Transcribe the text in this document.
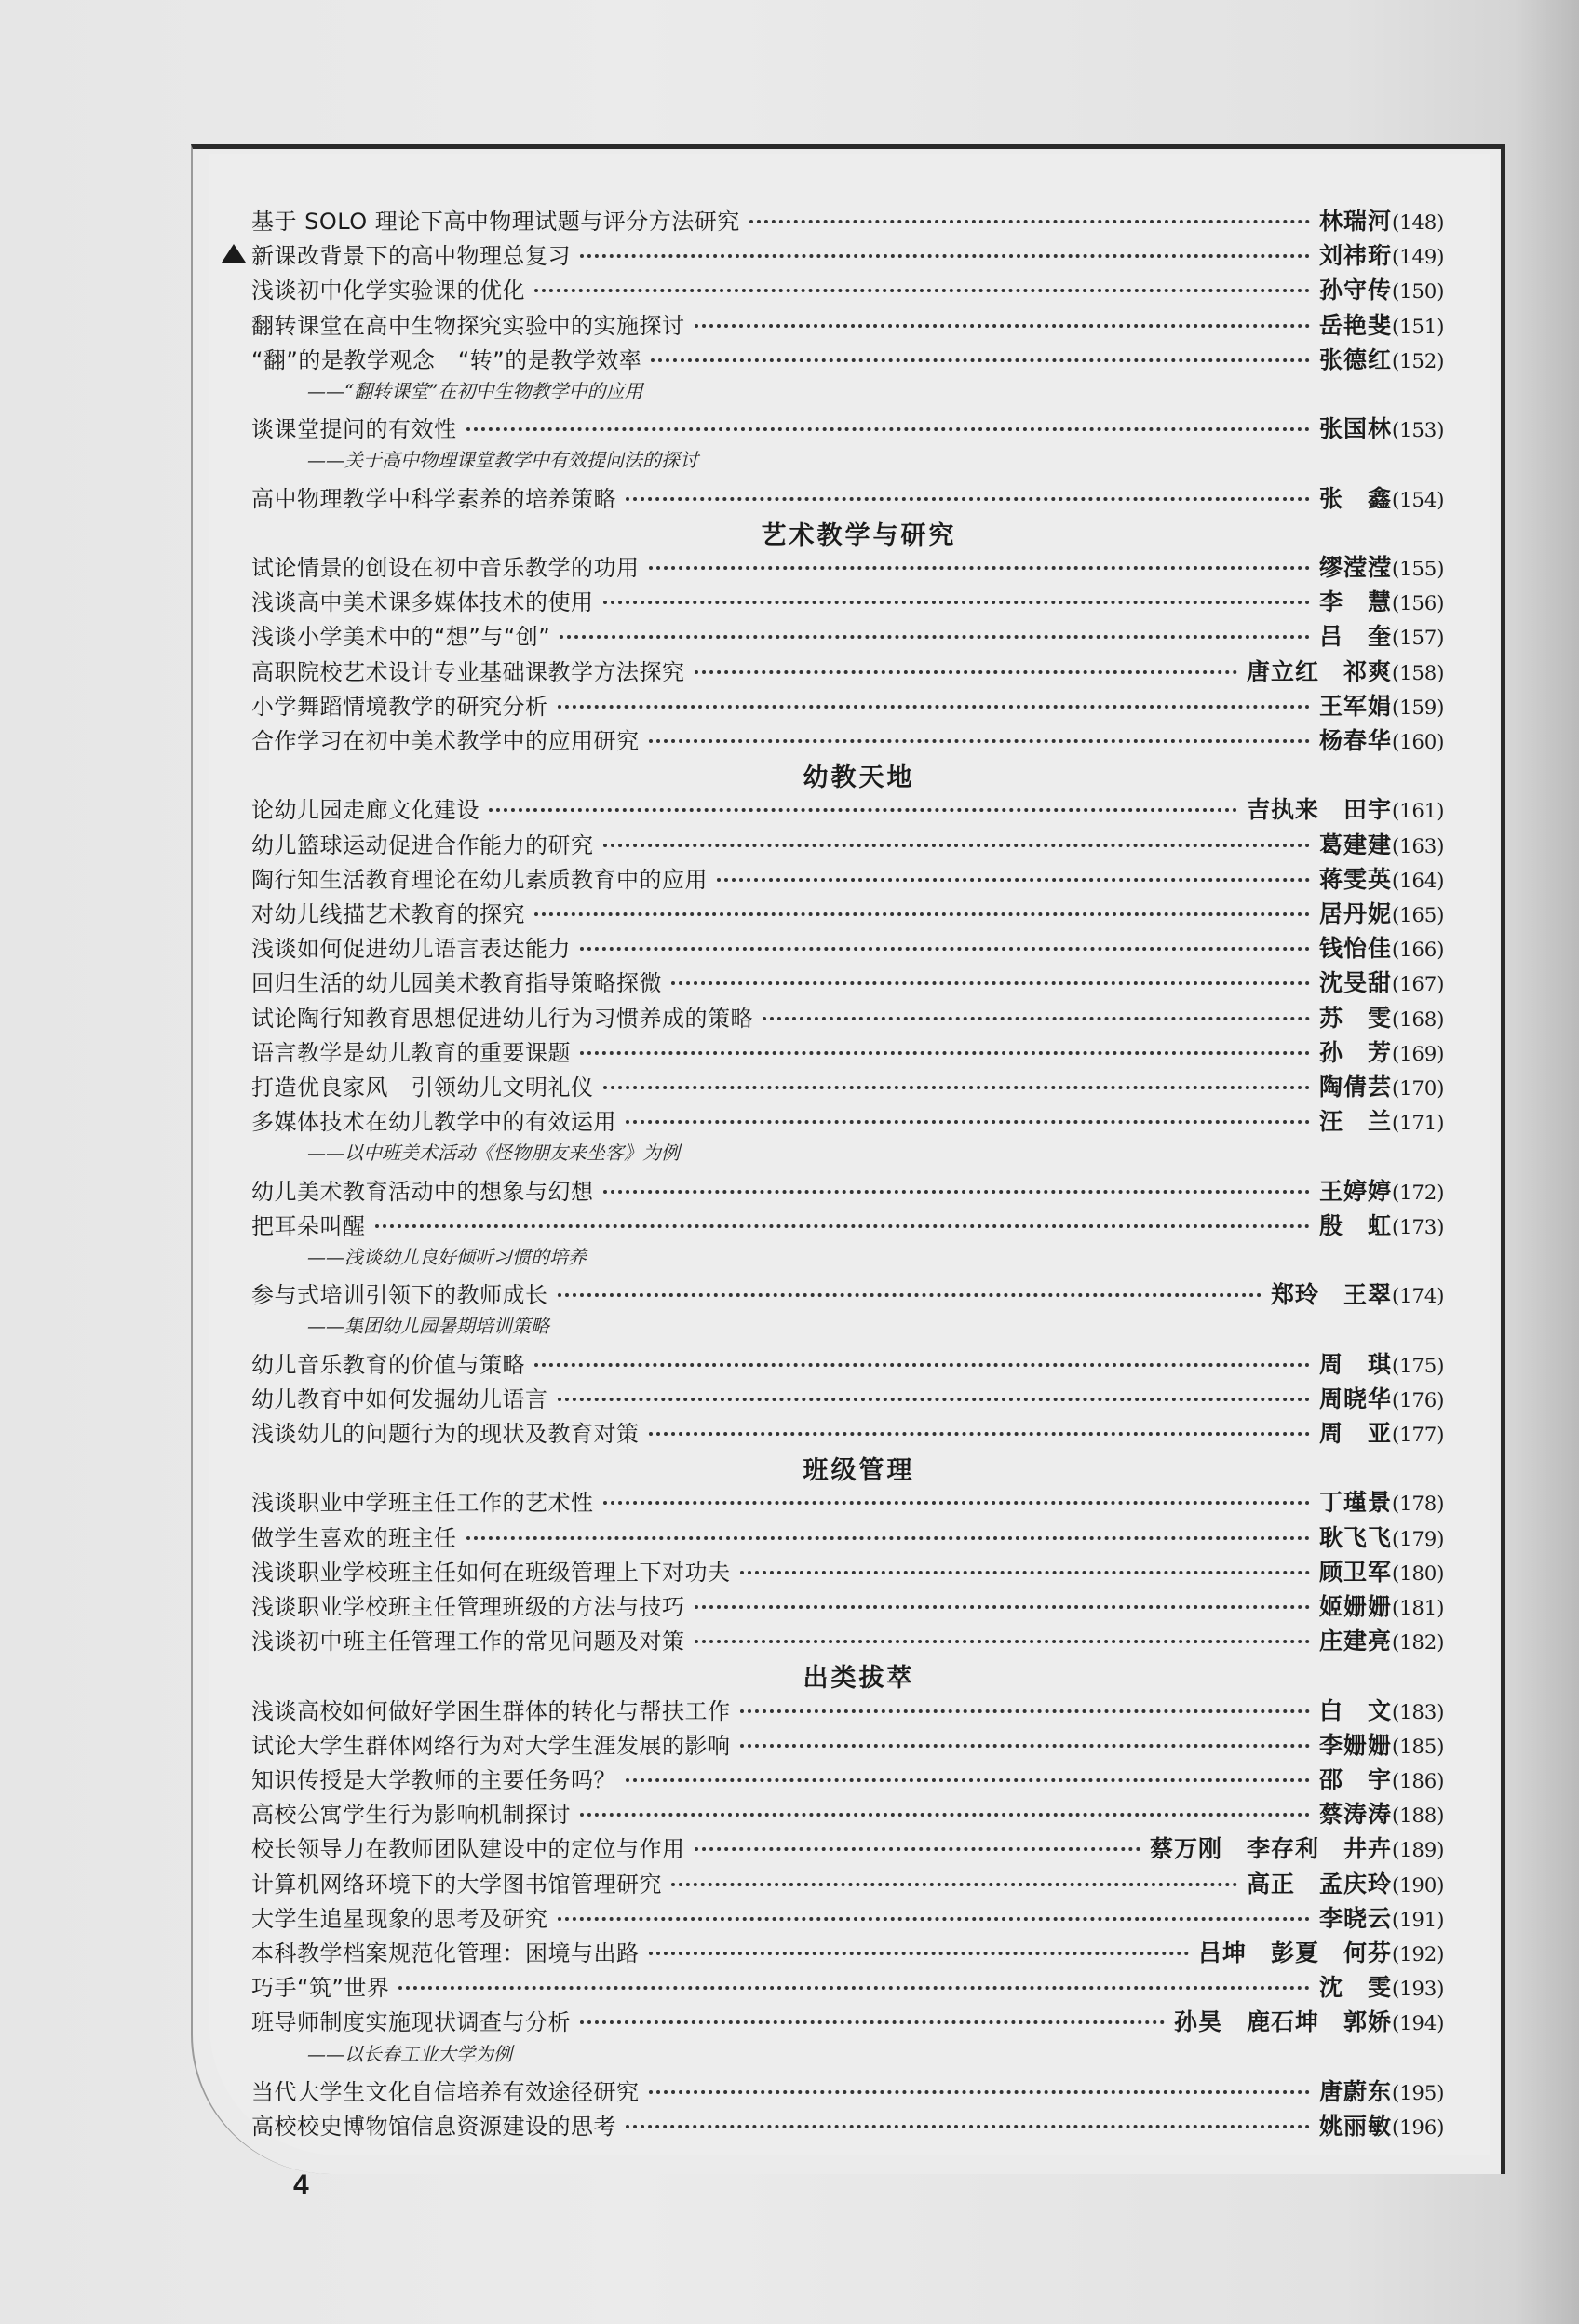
基于 SOLO 理论下高中物理试题与评分方法研究	林瑞河 (148)
新课改背景下的高中物理总复习	刘祎珩 (149)
浅谈初中化学实验课的优化	孙守传 (150)
翻转课堂在高中生物探究实验中的实施探讨	岳艳斐 (151)
“翻”的是教学观念　“转”的是教学效率	张德红 (152)
——“翻转课堂”在初中生物教学中的应用
谈课堂提问的有效性	张国林 (153)
——关于高中物理课堂教学中有效提问法的探讨
高中物理教学中科学素养的培养策略	张　鑫 (154)
艺术教学与研究
试论情景的创设在初中音乐教学的功用	缪滢滢 (155)
浅谈高中美术课多媒体技术的使用	李　慧 (156)
浅谈小学美术中的“想”与“创”	吕　奎 (157)
高职院校艺术设计专业基础课教学方法探究	唐立红　祁爽 (158)
小学舞蹈情境教学的研究分析	王军娟 (159)
合作学习在初中美术教学中的应用研究	杨春华 (160)
幼教天地
论幼儿园走廊文化建设	吉执来　田宇 (161)
幼儿篮球运动促进合作能力的研究	葛建建 (163)
陶行知生活教育理论在幼儿素质教育中的应用	蒋雯英 (164)
对幼儿线描艺术教育的探究	居丹妮 (165)
浅谈如何促进幼儿语言表达能力	钱怡佳 (166)
回归生活的幼儿园美术教育指导策略探微	沈旻甜 (167)
试论陶行知教育思想促进幼儿行为习惯养成的策略	苏　雯 (168)
语言教学是幼儿教育的重要课题	孙　芳 (169)
打造优良家风　引领幼儿文明礼仪	陶倩芸 (170)
多媒体技术在幼儿教学中的有效运用	汪　兰 (171)
——以中班美术活动《怪物朋友来坐客》为例
幼儿美术教育活动中的想象与幻想	王婷婷 (172)
把耳朵叫醒	殷　虹 (173)
——浅谈幼儿良好倾听习惯的培养
参与式培训引领下的教师成长	郑玲　王翠 (174)
——集团幼儿园暑期培训策略
幼儿音乐教育的价值与策略	周　琪 (175)
幼儿教育中如何发掘幼儿语言	周晓华 (176)
浅谈幼儿的问题行为的现状及教育对策	周　亚 (177)
班级管理
浅谈职业中学班主任工作的艺术性	丁瑾景 (178)
做学生喜欢的班主任	耿飞飞 (179)
浅谈职业学校班主任如何在班级管理上下对功夫	顾卫军 (180)
浅谈职业学校班主任管理班级的方法与技巧	姬姗姗 (181)
浅谈初中班主任管理工作的常见问题及对策	庄建亮 (182)
出类拔萃
浅谈高校如何做好学困生群体的转化与帮扶工作	白　文 (183)
试论大学生群体网络行为对大学生涯发展的影响	李姗姗 (185)
知识传授是大学教师的主要任务吗？	邵　宇 (186)
高校公寓学生行为影响机制探讨	蔡涛涛 (188)
校长领导力在教师团队建设中的定位与作用	蔡万刚　李存利　井卉 (189)
计算机网络环境下的大学图书馆管理研究	高正　孟庆玲 (190)
大学生追星现象的思考及研究	李晓云 (191)
本科教学档案规范化管理：困境与出路	吕坤　彭夏　何芬 (192)
巧手“筑”世界	沈　雯 (193)
班导师制度实施现状调查与分析	孙昊　鹿石坤　郭娇 (194)
——以长春工业大学为例
当代大学生文化自信培养有效途径研究	唐蔚东 (195)
高校校史博物馆信息资源建设的思考	姚丽敏 (196)
4
